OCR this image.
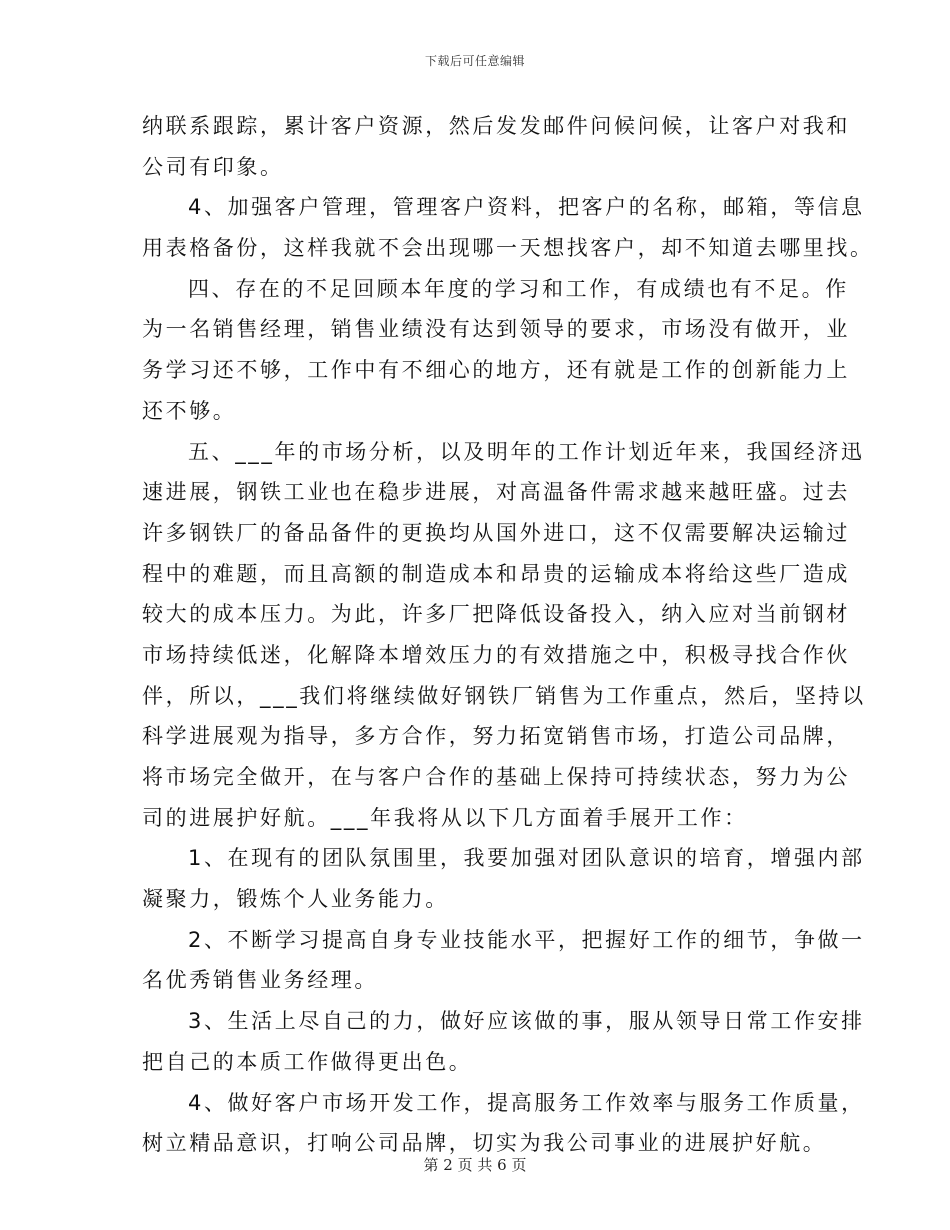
下载后可任意编辑
纳联系跟踪，累计客户资源，然后发发邮件问候问候，让客户对我和
公司有印象。
4、加强客户管理，管理客户资料，把客户的名称，邮箱，等信息
用表格备份，这样我就不会出现哪一天想找客户，却不知道去哪里找。
四、存在的不足回顾本年度的学习和工作，有成绩也有不足。作
为一名销售经理，销售业绩没有达到领导的要求，市场没有做开，业
务学习还不够，工作中有不细心的地方，还有就是工作的创新能力上
还不够。
五、___年的市场分析，以及明年的工作计划近年来，我国经济迅
速进展，钢铁工业也在稳步进展，对高温备件需求越来越旺盛。过去
许多钢铁厂的备品备件的更换均从国外进口，这不仅需要解决运输过
程中的难题，而且高额的制造成本和昂贵的运输成本将给这些厂造成
较大的成本压力。为此，许多厂把降低设备投入，纳入应对当前钢材
市场持续低迷，化解降本增效压力的有效措施之中，积极寻找合作伙
伴，所以，___我们将继续做好钢铁厂销售为工作重点，然后，坚持以
科学进展观为指导，多方合作，努力拓宽销售市场，打造公司品牌，
将市场完全做开，在与客户合作的基础上保持可持续状态，努力为公
司的进展护好航。___年我将从以下几方面着手展开工作：
1、在现有的团队氛围里，我要加强对团队意识的培育，增强内部
凝聚力，锻炼个人业务能力。
2、不断学习提高自身专业技能水平，把握好工作的细节，争做一
名优秀销售业务经理。
3、生活上尽自己的力，做好应该做的事，服从领导日常工作安排
把自己的本质工作做得更出色。
4、做好客户市场开发工作，提高服务工作效率与服务工作质量，
树立精品意识，打响公司品牌，切实为我公司事业的进展护好航。
第 2 页 共 6 页
